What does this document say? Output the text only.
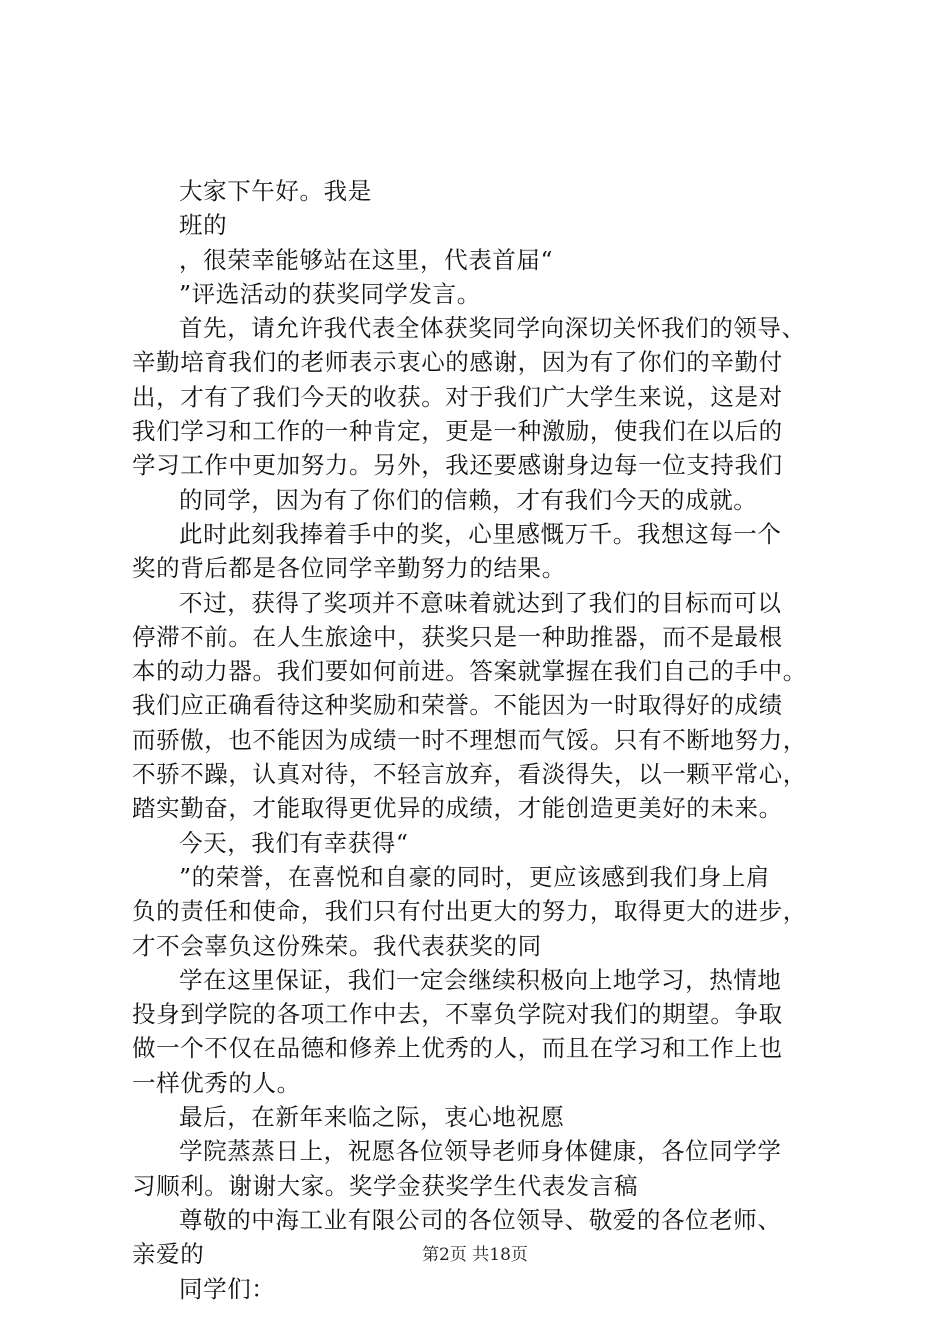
大家下午好。我是
班的
，很荣幸能够站在这里，代表首届“
”评选活动的获奖同学发言。
首先，请允许我代表全体获奖同学向深切关怀我们的领导、
辛勤培育我们的老师表示衷心的感谢，因为有了你们的辛勤付
出，才有了我们今天的收获。对于我们广大学生来说，这是对
我们学习和工作的一种肯定，更是一种激励，使我们在以后的
学习工作中更加努力。另外，我还要感谢身边每一位支持我们
的同学，因为有了你们的信赖，才有我们今天的成就。
此时此刻我捧着手中的奖，心里感慨万千。我想这每一个
奖的背后都是各位同学辛勤努力的结果。
不过，获得了奖项并不意味着就达到了我们的目标而可以
停滞不前。在人生旅途中，获奖只是一种助推器，而不是最根
本的动力器。我们要如何前进。答案就掌握在我们自己的手中。
我们应正确看待这种奖励和荣誉。不能因为一时取得好的成绩
而骄傲，也不能因为成绩一时不理想而气馁。只有不断地努力，
不骄不躁，认真对待，不轻言放弃，看淡得失，以一颗平常心，
踏实勤奋，才能取得更优异的成绩，才能创造更美好的未来。
今天，我们有幸获得“
”的荣誉，在喜悦和自豪的同时，更应该感到我们身上肩
负的责任和使命，我们只有付出更大的努力，取得更大的进步，
才不会辜负这份殊荣。我代表获奖的同
学在这里保证，我们一定会继续积极向上地学习，热情地
投身到学院的各项工作中去，不辜负学院对我们的期望。争取
做一个不仅在品德和修养上优秀的人，而且在学习和工作上也
一样优秀的人。
最后，在新年来临之际，衷心地祝愿
学院蒸蒸日上，祝愿各位领导老师身体健康，各位同学学
习顺利。谢谢大家。奖学金获奖学生代表发言稿
尊敬的中海工业有限公司的各位领导、敬爱的各位老师、
亲爱的
同学们：
第2页 共18页
